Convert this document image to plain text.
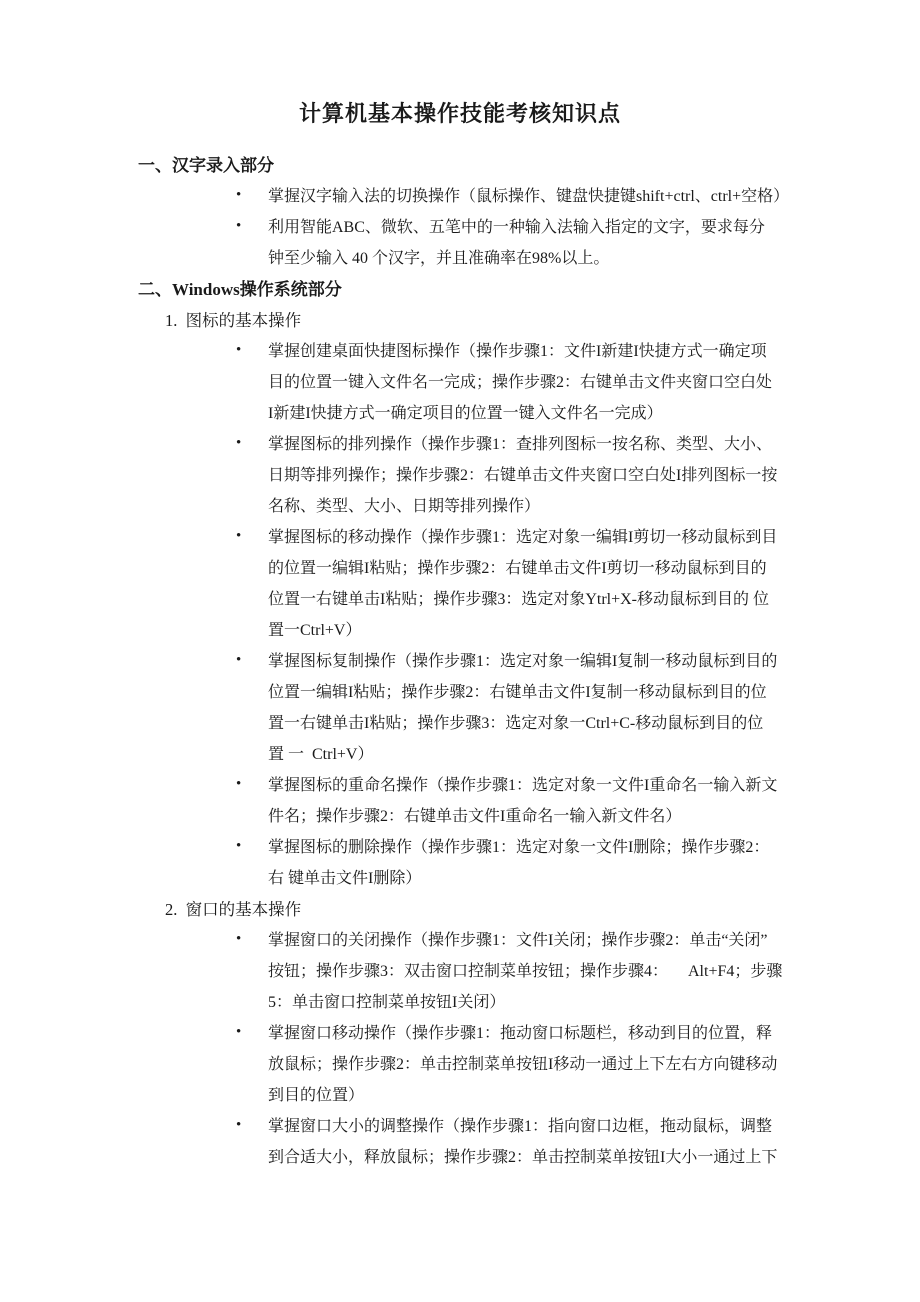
计算机基本操作技能考核知识点
一、汉字录入部分
• 掌握汉字输入法的切换操作（鼠标操作、键盘快捷键shift+ctrl、ctrl+空格）
• 利用智能ABC、微软、五笔中的一种输入法输入指定的文字，要求每分
钟至少输入 40 个汉字，并且准确率在98%以上。
二、Windows操作系统部分
1.  图标的基本操作
• 掌握创建桌面快捷图标操作（操作步骤1：文件I新建I快捷方式一确定项
目的位置一键入文件名一完成；操作步骤2：右键单击文件夹窗口空白处
I新建I快捷方式一确定项目的位置一键入文件名一完成）
• 掌握图标的排列操作（操作步骤1：查排列图标一按名称、类型、大小、
日期等排列操作；操作步骤2：右键单击文件夹窗口空白处I排列图标一按
名称、类型、大小、日期等排列操作）
• 掌握图标的移动操作（操作步骤1：选定对象一编辑I剪切一移动鼠标到目
的位置一编辑I粘贴；操作步骤2：右键单击文件I剪切一移动鼠标到目的
位置一右键单击I粘贴；操作步骤3：选定对象Ytrl+X-移动鼠标到目的 位
置一Ctrl+V）
• 掌握图标复制操作（操作步骤1：选定对象一编辑I复制一移动鼠标到目的
位置一编辑I粘贴；操作步骤2：右键单击文件I复制一移动鼠标到目的位
置一右键单击I粘贴；操作步骤3：选定对象一Ctrl+C-移动鼠标到目的位
置 一  Ctrl+V）
• 掌握图标的重命名操作（操作步骤1：选定对象一文件I重命名一输入新文
件名；操作步骤2：右键单击文件I重命名一输入新文件名）
• 掌握图标的删除操作（操作步骤1：选定对象一文件I删除；操作步骤2：
右 键单击文件I删除）
2.  窗口的基本操作
• 掌握窗口的关闭操作（操作步骤1：文件I关闭；操作步骤2：单击“关闭”
按钮；操作步骤3：双击窗口控制菜单按钮；操作步骤4：     Alt+F4；步骤
5：单击窗口控制菜单按钮I关闭）
• 掌握窗口移动操作（操作步骤1：拖动窗口标题栏，移动到目的位置，释
放鼠标；操作步骤2：单击控制菜单按钮I移动一通过上下左右方向键移动
到目的位置）
• 掌握窗口大小的调整操作（操作步骤1：指向窗口边框，拖动鼠标，调整
到合适大小，释放鼠标；操作步骤2：单击控制菜单按钮I大小一通过上下
